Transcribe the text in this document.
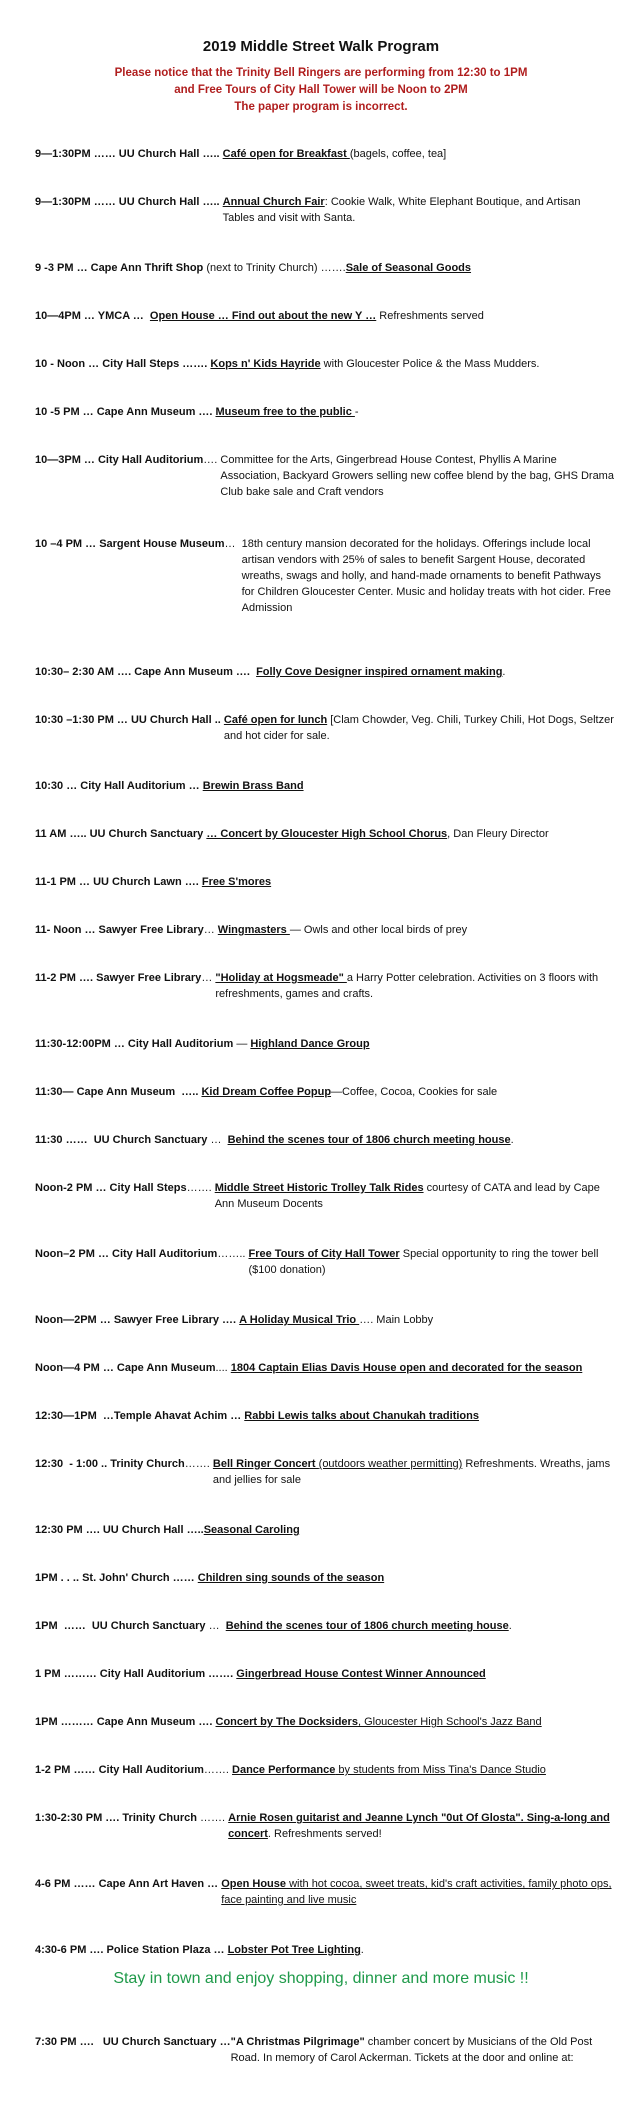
2019 Middle Street Walk Program
Please notice that the Trinity Bell Ringers are performing from 12:30 to 1PM
and Free Tours of City Hall Tower will be Noon to 2PM
The paper program is incorrect.
9—1:30PM …… UU Church Hall ….. Café open for Breakfast (bagels, coffee, tea]
9—1:30PM …… UU Church Hall ….. Annual Church Fair: Cookie Walk, White Elephant Boutique, and Artisan Tables and visit with Santa.
9 -3 PM … Cape Ann Thrift Shop (next to Trinity Church) ……. Sale of Seasonal Goods
10—4PM … YMCA … Open House … Find out about the new Y … Refreshments served
10 - Noon … City Hall Steps ……. Kops n' Kids Hayride with Gloucester Police & the Mass Mudders.
10 -5 PM … Cape Ann Museum …. Museum free to the public -
10—3PM … City Hall Auditorium…. Committee for the Arts, Gingerbread House Contest, Phyllis A Marine Association, Backyard Growers selling new coffee blend by the bag, GHS Drama Club bake sale and Craft vendors
10 –4 PM … Sargent House Museum… 18th century mansion decorated for the holidays. Offerings include local artisan vendors with 25% of sales to benefit Sargent House, decorated wreaths, swags and holly, and hand-made ornaments to benefit Pathways for Children Gloucester Center. Music and holiday treats with hot cider. Free Admission
10:30– 2:30 AM …. Cape Ann Museum …. Folly Cove Designer inspired ornament making.
10:30 –1:30 PM … UU Church Hall .. Café open for lunch [Clam Chowder, Veg. Chili, Turkey Chili, Hot Dogs, Seltzer and hot cider for sale.
10:30 … City Hall Auditorium … Brewin Brass Band
11 AM ….. UU Church Sanctuary … Concert by Gloucester High School Chorus, Dan Fleury Director
11-1 PM … UU Church Lawn …. Free S'mores
11- Noon … Sawyer Free Library… Wingmasters — Owls and other local birds of prey
11-2 PM …. Sawyer Free Library… "Holiday at Hogsmeade" a Harry Potter celebration. Activities on 3 floors with refreshments, games and crafts.
11:30-12:00PM … City Hall Auditorium — Highland Dance Group
11:30— Cape Ann Museum  ….. Kid Dream Coffee Popup—Coffee, Cocoa, Cookies for sale
11:30 ……  UU Church Sanctuary … Behind the scenes tour of 1806 church meeting house.
Noon-2 PM … City Hall Steps……. Middle Street Historic Trolley Talk Rides courtesy of CATA and lead by Cape Ann Museum Docents
Noon–2 PM … City Hall Auditorium…….. Free Tours of City Hall Tower Special opportunity to ring the tower bell ($100 donation)
Noon—2PM … Sawyer Free Library …. A Holiday Musical Trio …. Main Lobby
Noon—4 PM … Cape Ann Museum.... 1804 Captain Elias Davis House open and decorated for the season
12:30—1PM  …Temple Ahavat Achim … Rabbi Lewis talks about Chanukah traditions
12:30  - 1:00 .. Trinity Church……. Bell Ringer Concert (outdoors weather permitting) Refreshments. Wreaths, jams and jellies for sale
12:30 PM …. UU Church Hall ….. Seasonal Caroling
1PM . . .. St. John' Church …… Children sing sounds of the season
1PM  ……  UU Church Sanctuary … Behind the scenes tour of 1806 church meeting house.
1 PM ……… City Hall Auditorium ……. Gingerbread House Contest Winner Announced
1PM ……… Cape Ann Museum …. Concert by The Docksiders, Gloucester High School's Jazz Band
1-2 PM …… City Hall Auditorium……. Dance Performance by students from Miss Tina's Dance Studio
1:30-2:30 PM …. Trinity Church ……. Arnie Rosen guitarist and Jeanne Lynch "0ut Of Glosta". Sing-a-long and concert. Refreshments served!
4-6 PM …… Cape Ann Art Haven … Open House with hot cocoa, sweet treats, kid's craft activities, family photo ops, face painting and live music
4:30-6 PM …. Police Station Plaza … Lobster Pot Tree Lighting.
Stay in town and enjoy shopping, dinner and more music !!
7:30 PM ….   UU Church Sanctuary … "A Christmas Pilgrimage" chamber concert by Musicians of the Old Post Road. In memory of Carol Ackerman. Tickets at the door and online at:
